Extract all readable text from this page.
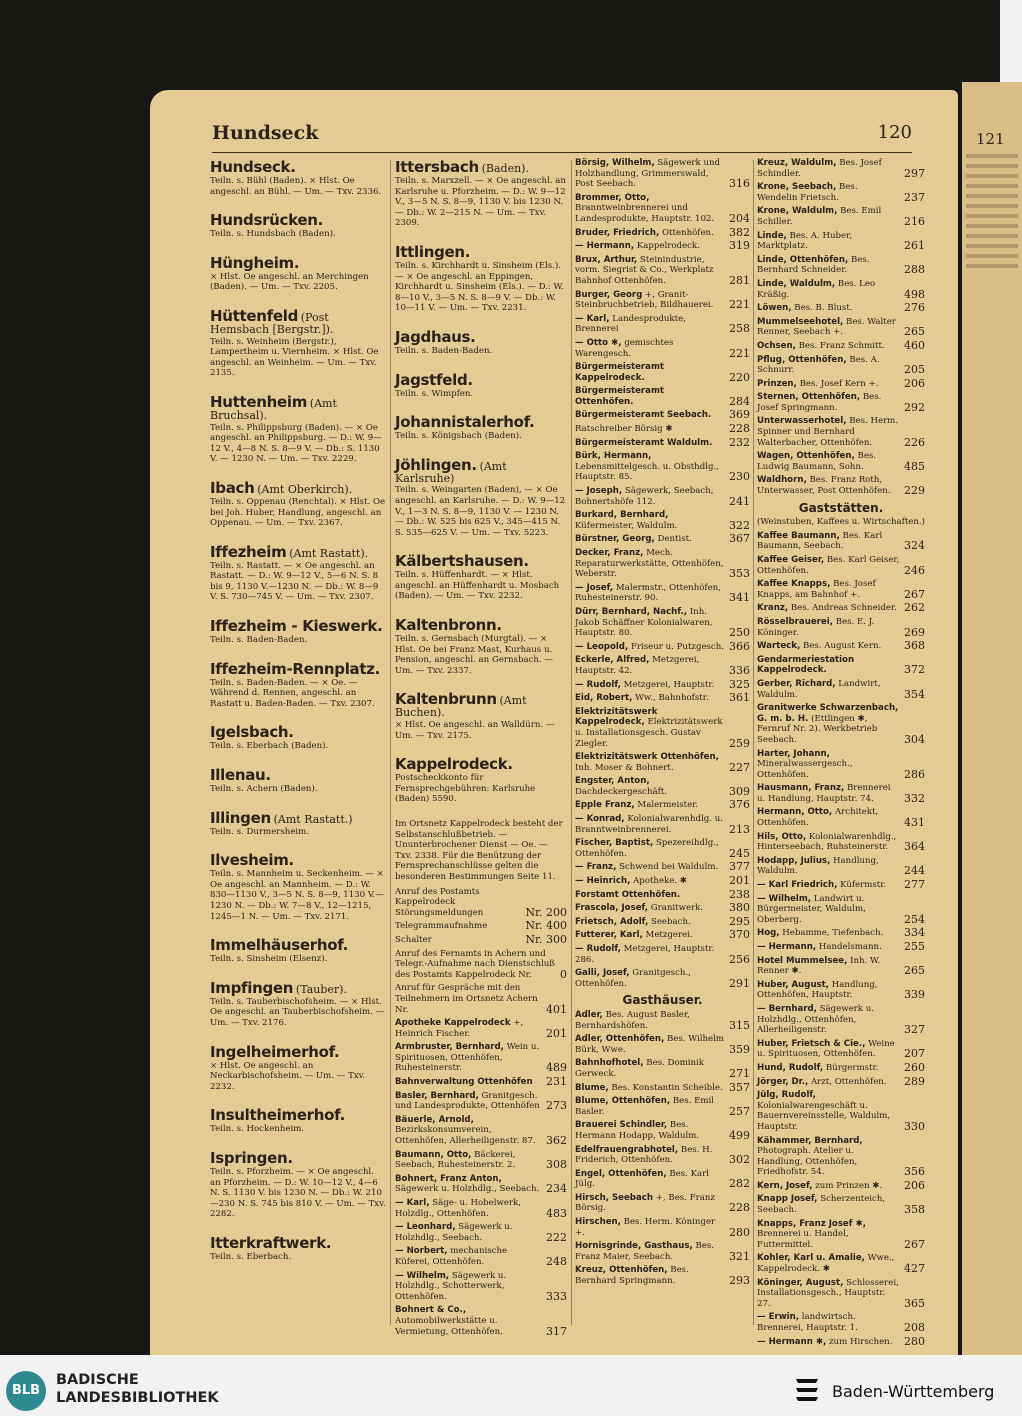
121
Hundseck	120
Hundseck.
Teiln. s. Bühl (Baden). × Hlst. Oe angeschl. an Bühl. — Um. — Txv. 2336.
Hundsrücken.
Teiln. s. Hundsbach (Baden).
Hüngheim.
× Hlst. Oe angeschl. an Merchingen (Baden). — Um. — Txv. 2205.
Hüttenfeld (Post Hemsbach [Bergstr.]).
Teiln. s. Weinheim (Bergstr.), Lampertheim u. Viernheim. × Hlst. Oe angeschl. an Weinheim. — Um. — Txv. 2135.
Huttenheim (Amt Bruchsal).
Teiln. s. Philippsburg (Baden). — × Oe angeschl. an Philippsburg. — D.: W. 9—12 V., 4—8 N. S. 8—9 V. — Db.: S. 1130 V. — 1230 N. — Um. — Txv. 2229.
Ibach (Amt Oberkirch).
Teiln. s. Oppenau (Renchtal). × Hlst. Oe bei Joh. Huber, Handlung, angeschl. an Oppenau. — Um. — Txv. 2367.
Iffezheim (Amt Rastatt).
Teiln. s. Rastatt. — × Oe angeschl. an Rastatt. — D.: W. 9—12 V., 5—6 N. S. 8 bis 9, 1130 V.—1230 N. — Db.: W. 8—9 V. S. 730—745 V. — Um. — Txv. 2307.
Iffezheim - Kieswerk.
Teiln. s. Baden-Baden.
Iffezheim-Rennplatz.
Teiln. s. Baden-Baden. — × Oe. — Während d. Rennen, angeschl. an Rastatt u. Baden-Baden. — Txv. 2307.
Igelsbach.
Teiln. s. Eberbach (Baden).
Illenau.
Teiln. s. Achern (Baden).
Illingen (Amt Rastatt.)
Teiln. s. Durmersheim.
Ilvesheim.
Teiln. s. Mannheim u. Seckenheim. — × Oe angeschl. an Mannheim. — D.: W. 830—1130 V., 3—5 N. S. 8—9, 1130 V.—1230 N. — Db.: W. 7—8 V., 12—1215, 1245—1 N. — Um. — Txv. 2171.
Immelhäuserhof.
Teiln. s. Sinsheim (Elsenz).
Impfingen (Tauber).
Teiln. s. Tauberbischofsheim. — × Hlst. Oe angeschl. an Tauberbischofsheim. — Um. — Txv. 2176.
Ingelheimerhof.
× Hlst. Oe angeschl. an Neckarbischofsheim. — Um. — Txv. 2232.
Insultheimerhof.
Teiln. s. Hockenheim.
Ispringen.
Teiln. s. Pforzheim. — × Oe angeschl. an Pforzheim. — D.: W. 10—12 V., 4—6 N. S. 1130 V. bis 1230 N. — Db.: W. 210—230 N. S. 745 bis 810 V. — Um. — Txv. 2282.
Itterkraftwerk.
Teiln. s. Eberbach.
Ittersbach (Baden).
Teiln. s. Marxzell. — × Oe angeschl. an Karlsruhe u. Pforzheim. — D.: W. 9—12 V., 3—5 N. S. 8—9, 1130 V. bis 1230 N. — Db.: W. 2—215 N. — Um. — Txv. 2309.
Ittlingen.
Teiln. s. Kirchhardt u. Sinsheim (Els.). — × Oe angeschl. an Eppingen, Kirchhardt u. Sinsheim (Els.). — D.: W. 8—10 V., 3—5 N. S. 8—9 V. — Db.: W. 10—11 V. — Um. — Txv. 2231.
Jagdhaus.
Teiln. s. Baden-Baden.
Jagstfeld.
Teiln. s. Wimpfen.
Johannistalerhof.
Teiln. s. Königsbach (Baden).
Jöhlingen. (Amt Karlsruhe)
Teiln. s. Weingarten (Baden), — × Oe angeschl. an Karlsruhe. — D.: W. 9—12 V., 1—3 N. S. 8—9, 1130 V. — 1230 N. — Db.: W. 525 bis 625 V., 345—415 N. S. 535—625 V. — Um. — Txv. 5223.
Kälbertshausen.
Teiln. s. Hüffenhardt. — × Hlst. angeschl. an Hüffenhardt u. Mosbach (Baden). — Um. — Txv. 2232.
Kaltenbronn.
Teiln. s. Gernsbach (Murgtal). — × Hlst. Oe bei Franz Mast, Kurhaus u. Pension, angeschl. an Gernsbach. — Um. — Txv. 2337.
Kaltenbrunn (Amt Buchen).
× Hlst. Oe angeschl. an Walldürn. — Um. — Txv. 2175.
Kappelrodeck.
Postscheckkonto für Fernsprechgebühren: Karlsruhe (Baden) 5590.
Im Ortsnetz Kappelrodeck besteht der Selbstanschlußbetrieb. — Ununterbrochener Dienst — Oe. — Txv. 2338. Für die Benützung der Fernsprechanschlüsse gelten die besonderen Bestimmungen Seite 11.
Anruf des Postamts Kappelrodeck Störungsmeldungen	Nr. 200
Telegrammaufnahme	Nr. 400
Schalter	Nr. 300
Anruf des Fernamts in Achern und Telegr.-Aufnahme nach Dienstschluß des Postamts Kappelrodeck Nr.	0
Anruf für Gespräche mit den Teilnehmern im Ortsnetz Achern Nr.	401
Apotheke Kappelrodeck +, Heinrich Fischer.	201
Armbruster, Bernhard, Wein u. Spirituosen, Ottenhöfen, Ruhesteinerstr.	489
Bahnverwaltung Ottenhöfen	231
Basler, Bernhard, Granitgesch. und Landesprodukte, Ottenhöfen 273
Bäuerle, Arnold, Bezirkskonsumverein, Ottenhöfen, Allerheiligenstr. 87. 362
Baumann, Otto, Bäckerei, Seebach, Ruhesteinerstr. 2.	308
Bohnert, Franz Anton, Sägewerk u. Holzhdlg., Seebach. 234
— Karl, Säge- u. Hobelwerk, Holzdlg., Ottenhöfen.	483
— Leonhard, Sägewerk u. Holzhdlg., Seebach.	222
— Norbert, mechanische Küferei, Ottenhöfen.	248
— Wilhelm, Sägewerk u. Holzhdlg., Schotterwerk, Ottenhöfen.	333
Bohnert & Co., Automobilwerkstätte u. Vermietung, Ottenhöfen.	317
Börsig, Wilhelm, Sägewerk und Holzhandlung, Grimmerswald, Post Seebach.	316
Brommer, Otto, Branntweinbrennerei und Landesprodukte, Hauptstr. 102.	204
Bruder, Friedrich, Ottenhöfen.	382
— Hermann, Kappelrodeck.	319
Brux, Arthur, Steinindustrie, vorm. Siegrist & Co., Werkplatz Bahnhof Ottenhöfen.	281
Burger, Georg +, Granit-Steinbruchbetrieb, Bildhauerei.	221
— Karl, Landesprodukte, Brennerei	258
— Otto ✱, gemischtes Warengesch.	221
Bürgermeisteramt Kappelrodeck.	220
Bürgermeisteramt Ottenhöfen.	284
Bürgermeisteramt Seebach.	369
Ratschreiber Börsig ✱	228
Bürgermeisteramt Waldulm.	232
Bürk, Hermann, Lebensmittelgesch. u. Obsthdlg., Hauptstr. 85.	230
— Joseph, Sägewerk, Seebach, Bohnertshöfe 112.	241
Burkard, Bernhard, Küfermeister, Waldulm.	322
Bürstner, Georg, Dentist.	367
Decker, Franz, Mech. Reparaturwerkstätte, Ottenhöfen, Weberstr.	353
— Josef, Malermstr., Ottenhöfen, Ruhesteinerstr. 90.	341
Dürr, Bernhard, Nachf., Inh. Jakob Schäffner Kolonialwaren, Hauptstr. 80.	250
— Leopold, Friseur u. Putzgesch. 366
Eckerle, Alfred, Metzgerei, Hauptstr. 42.	336
— Rudolf, Metzgerei, Hauptstr.	325
Eid, Robert, Ww., Bahnhofstr.	361
Elektrizitätswerk Kappelrodeck, Elektrizitätswerk u. Installationsgesch. Gustav Ziegler.	259
Elektrizitätswerk Ottenhöfen, Inh. Moser & Bohnert.	227
Engster, Anton, Dachdeckergeschäft.	309
Epple Franz, Malermeister.	376
— Konrad, Kolonialwarenhdlg. u. Branntweinbrennerei.	213
Fischer, Baptist, Spezereihdlg., Ottenhöfen.	245
— Franz, Schwend bei Waldulm. 377
— Heinrich, Apotheke. ✱	201
Forstamt Ottenhöfen.	238
Frascola, Josef, Granitwerk.	380
Frietsch, Adolf, Seebach.	295
Futterer, Karl, Metzgerei.	370
— Rudolf, Metzgerei, Hauptstr. 286.	256
Galli, Josef, Granitgesch., Ottenhöfen.	291
Gasthäuser.
Adler, Bes. August Basler, Bernhardshöfen.	315
Adler, Ottenhöfen, Bes. Wilhelm Bürk, Wwe.	359
Bahnhofhotel, Bes. Dominik Gerweck.	271
Blume, Bes. Konstantin Scheible. 357
Blume, Ottenhöfen, Bes. Emil Basler.	257
Brauerei Schindler, Bes. Hermann Hodapp, Waldulm.	499
Edelfrauengrabhotel, Bes. H. Friderich, Ottenhöfen.	302
Engel, Ottenhöfen, Bes. Karl Jülg.	282
Hirsch, Seebach +, Bes. Franz Börsig.	228
Hirschen, Bes. Herm. Köninger +.	280
Hornisgrinde, Gasthaus, Bes. Franz Maier, Seebach.	321
Kreuz, Ottenhöfen, Bes. Bernhard Springmann.	293
Kreuz, Waldulm, Bes. Josef Schindler.	297
Krone, Seebach, Bes. Wendelin Frietsch.	237
Krone, Waldulm, Bes. Emil Schiller.	216
Linde, Bes. A. Huber, Marktplatz.	261
Linde, Ottenhöfen, Bes. Bernhard Schneider.	288
Linde, Waldulm, Bes. Leo Kräßig.	498
Löwen, Bes. B. Blust.	276
Mummelseehotel, Bes. Walter Renner, Seebach +.	265
Ochsen, Bes. Franz Schmitt.	460
Pflug, Ottenhöfen, Bes. A. Schnurr.	205
Prinzen, Bes. Josef Kern +.	206
Sternen, Ottenhöfen, Bes. Josef Springmann.	292
Unterwasserhotel, Bes. Herm. Spinner und Bernhard Walterbacher, Ottenhöfen.	226
Wagen, Ottenhöfen, Bes. Ludwig Baumann, Sohn.	485
Waldhorn, Bes. Franz Roth, Unterwasser, Post Ottenhöfen.	229
Gaststätten.
(Weinstuben, Kaffees u. Wirtschaften.)
Kaffee Baumann, Bes. Karl Baumann, Seebach.	324
Kaffee Geiser, Bes. Karl Geiser, Ottenhöfen.	246
Kaffee Knapps, Bes. Josef Knapps, am Bahnhof +.	267
Kranz, Bes. Andreas Schneider. 262
Rösselbrauerei, Bes. E. J. Köninger.	269
Warteck, Bes. August Kern.	368
Gendarmeriestation Kappelrodeck.	372
Gerber, Richard, Landwirt, Waldulm.	354
Granitwerke Schwarzenbach, G. m. b. H. (Ettlingen ✱, Fernruf Nr. 2). Werkbetrieb Seebach.	304
Harter, Johann, Mineralwassergesch., Ottenhöfen.	286
Hausmann, Franz, Brennerei u. Handlung, Hauptstr. 74.	332
Hermann, Otto, Architekt, Ottenhöfen.	431
Hils, Otto, Kolonialwarenhdlg., Hinterseebach, Ruhsteinerstr.	364
Hodapp, Julius, Handlung, Waldulm.	244
— Karl Friedrich, Küfermstr.	277
— Wilhelm, Landwirt u. Bürgermeister, Waldulm, Oberberg.	254
Hog, Hebamme, Tiefenbach.	334
— Hermann, Handelsmann.	255
Hotel Mummelsee, Inh. W. Renner ✱.	265
Huber, August, Handlung, Ottenhöfen, Hauptstr.	339
— Bernhard, Sägewerk u. Holzhdlg., Ottenhöfen, Allerheiligenstr.	327
Huber, Frietsch & Cie., Weine u. Spirituosen, Ottenhöfen.	207
Hund, Rudolf, Bürgermstr.	260
Jörger, Dr., Arzt, Ottenhöfen.	289
Jülg, Rudolf, Kolonialwarengeschäft u. Bauernvereinsstelle, Waldulm, Hauptstr.	330
Kähammer, Bernhard, Photograph. Atelier u. Handlung, Ottenhöfen, Friedhofstr. 54.	356
Kern, Josef, zum Prinzen ✱.	206
Knapp Josef, Scherzenteich, Seebach.	358
Knapps, Franz Josef ✱, Brennerei u. Handel, Futtermittel.	267
Kohler, Karl u. Amalie, Wwe., Kappelrodeck. ✱	427
Köninger, August, Schlosserei, Installationsgesch., Hauptstr. 27.	365
— Erwin, landwirtsch. Brennerei, Hauptstr. 1.	208
— Hermann ✱, zum Hirschen.	280
BLB
BADISCHE
LANDESBIBLIOTHEK	Baden-Württemberg
